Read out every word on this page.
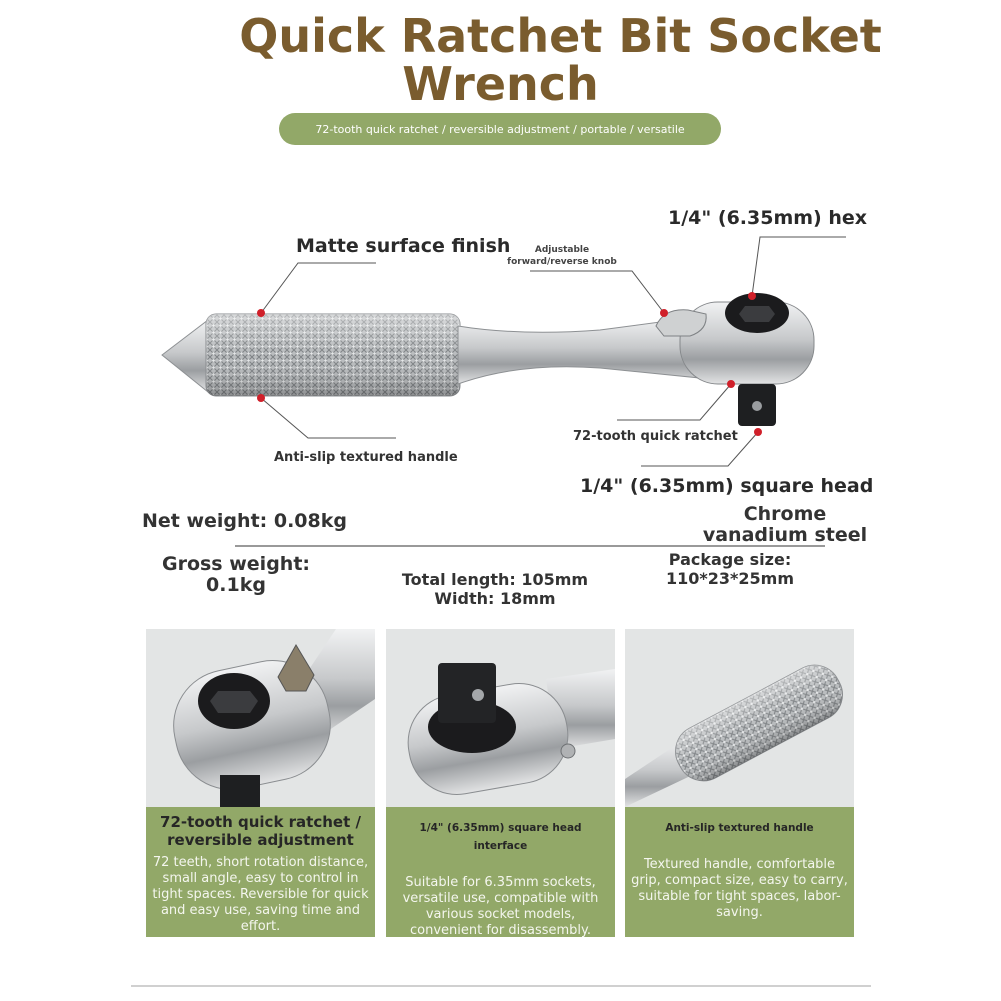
Quick Ratchet Bit Socket
Wrench
72-tooth quick ratchet / reversible adjustment / portable / versatile
Matte surface finish	Adjustable
forward/reverse knob
1/4" (6.35mm) hex
Anti-slip textured handle
72-tooth quick ratchet
1/4" (6.35mm) square head
Net weight: 0.08kg	Chrome
vanadium steel
Gross weight:
0.1kg	Total length: 105mm
Width: 18mm
Package size:
110*23*25mm
72-tooth quick ratchet / reversible adjustment
72 teeth, short rotation distance, small angle, easy to control in tight spaces. Reversible for quick and easy use, saving time and effort.
1/4" (6.35mm) square head interface
Suitable for 6.35mm sockets, versatile use, compatible with various socket models, convenient for disassembly.
Anti-slip textured handle
Textured handle, comfortable grip, compact size, easy to carry, suitable for tight spaces, labor-saving.
